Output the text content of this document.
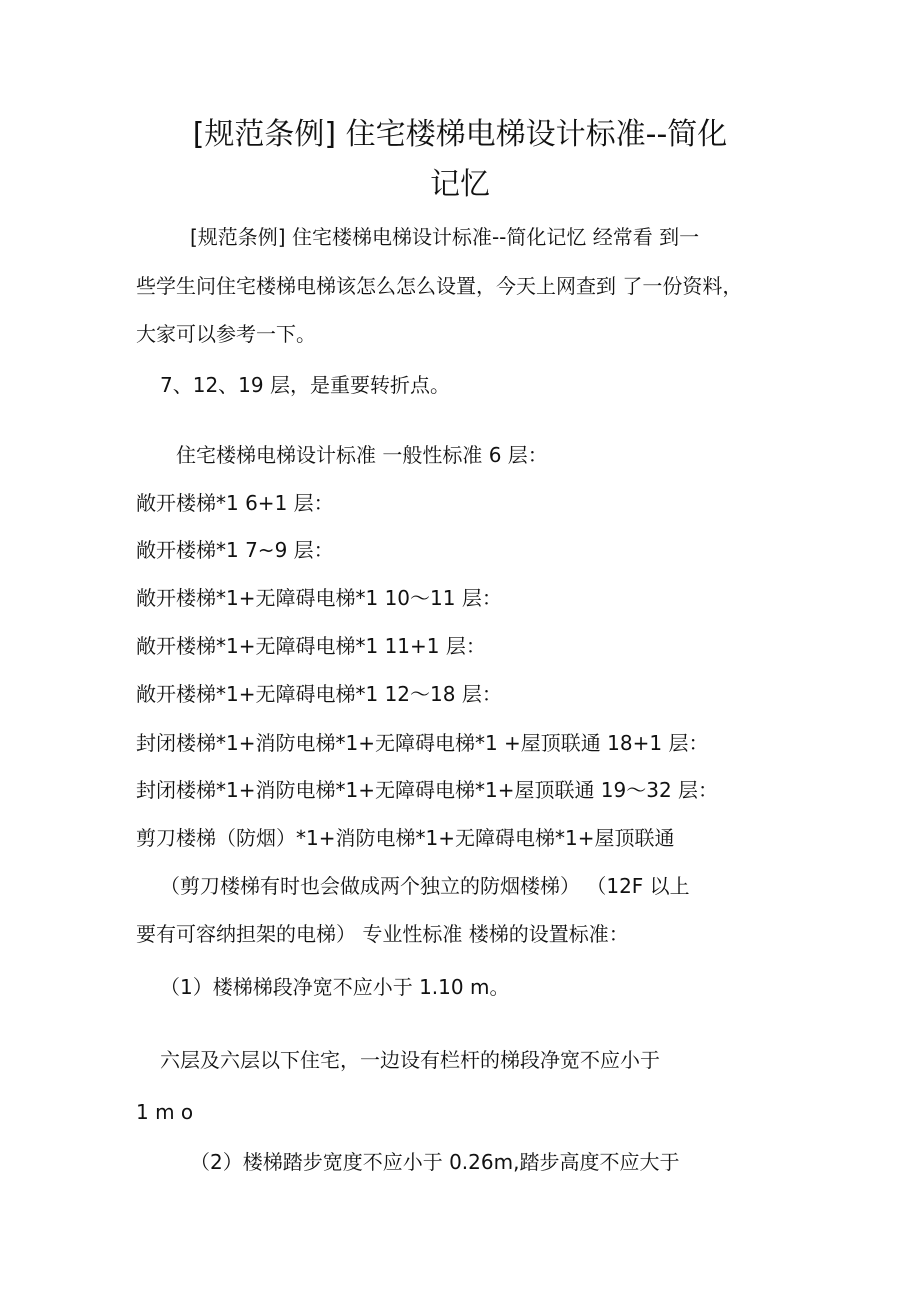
[规范条例] 住宅楼梯电梯设计标准--简化
记忆
[规范条例] 住宅楼梯电梯设计标准--简化记忆 经常看 到一
些学生问住宅楼梯电梯该怎么怎么设置，今天上网查到 了一份资料，
大家可以参考一下。
7、12、19 层，是重要转折点。
住宅楼梯电梯设计标准 一般性标准 6 层：
敞开楼梯*1 6+1 层：
敞开楼梯*1 7~9 层：
敞开楼梯*1+无障碍电梯*1 10〜11 层：
敞开楼梯*1+无障碍电梯*1 11+1 层：
敞开楼梯*1+无障碍电梯*1 12〜18 层：
封闭楼梯*1+消防电梯*1+无障碍电梯*1 +屋顶联通 18+1 层：
封闭楼梯*1+消防电梯*1+无障碍电梯*1+屋顶联通 19〜32 层：
剪刀楼梯（防烟）*1+消防电梯*1+无障碍电梯*1+屋顶联通
（剪刀楼梯有时也会做成两个独立的防烟楼梯） （12F 以上
要有可容纳担架的电梯） 专业性标准 楼梯的设置标准：
（1）楼梯梯段净宽不应小于 1.10 m。
六层及六层以下住宅，一边设有栏杆的梯段净宽不应小于
1 m o
（2）楼梯踏步宽度不应小于 0.26m,踏步高度不应大于
